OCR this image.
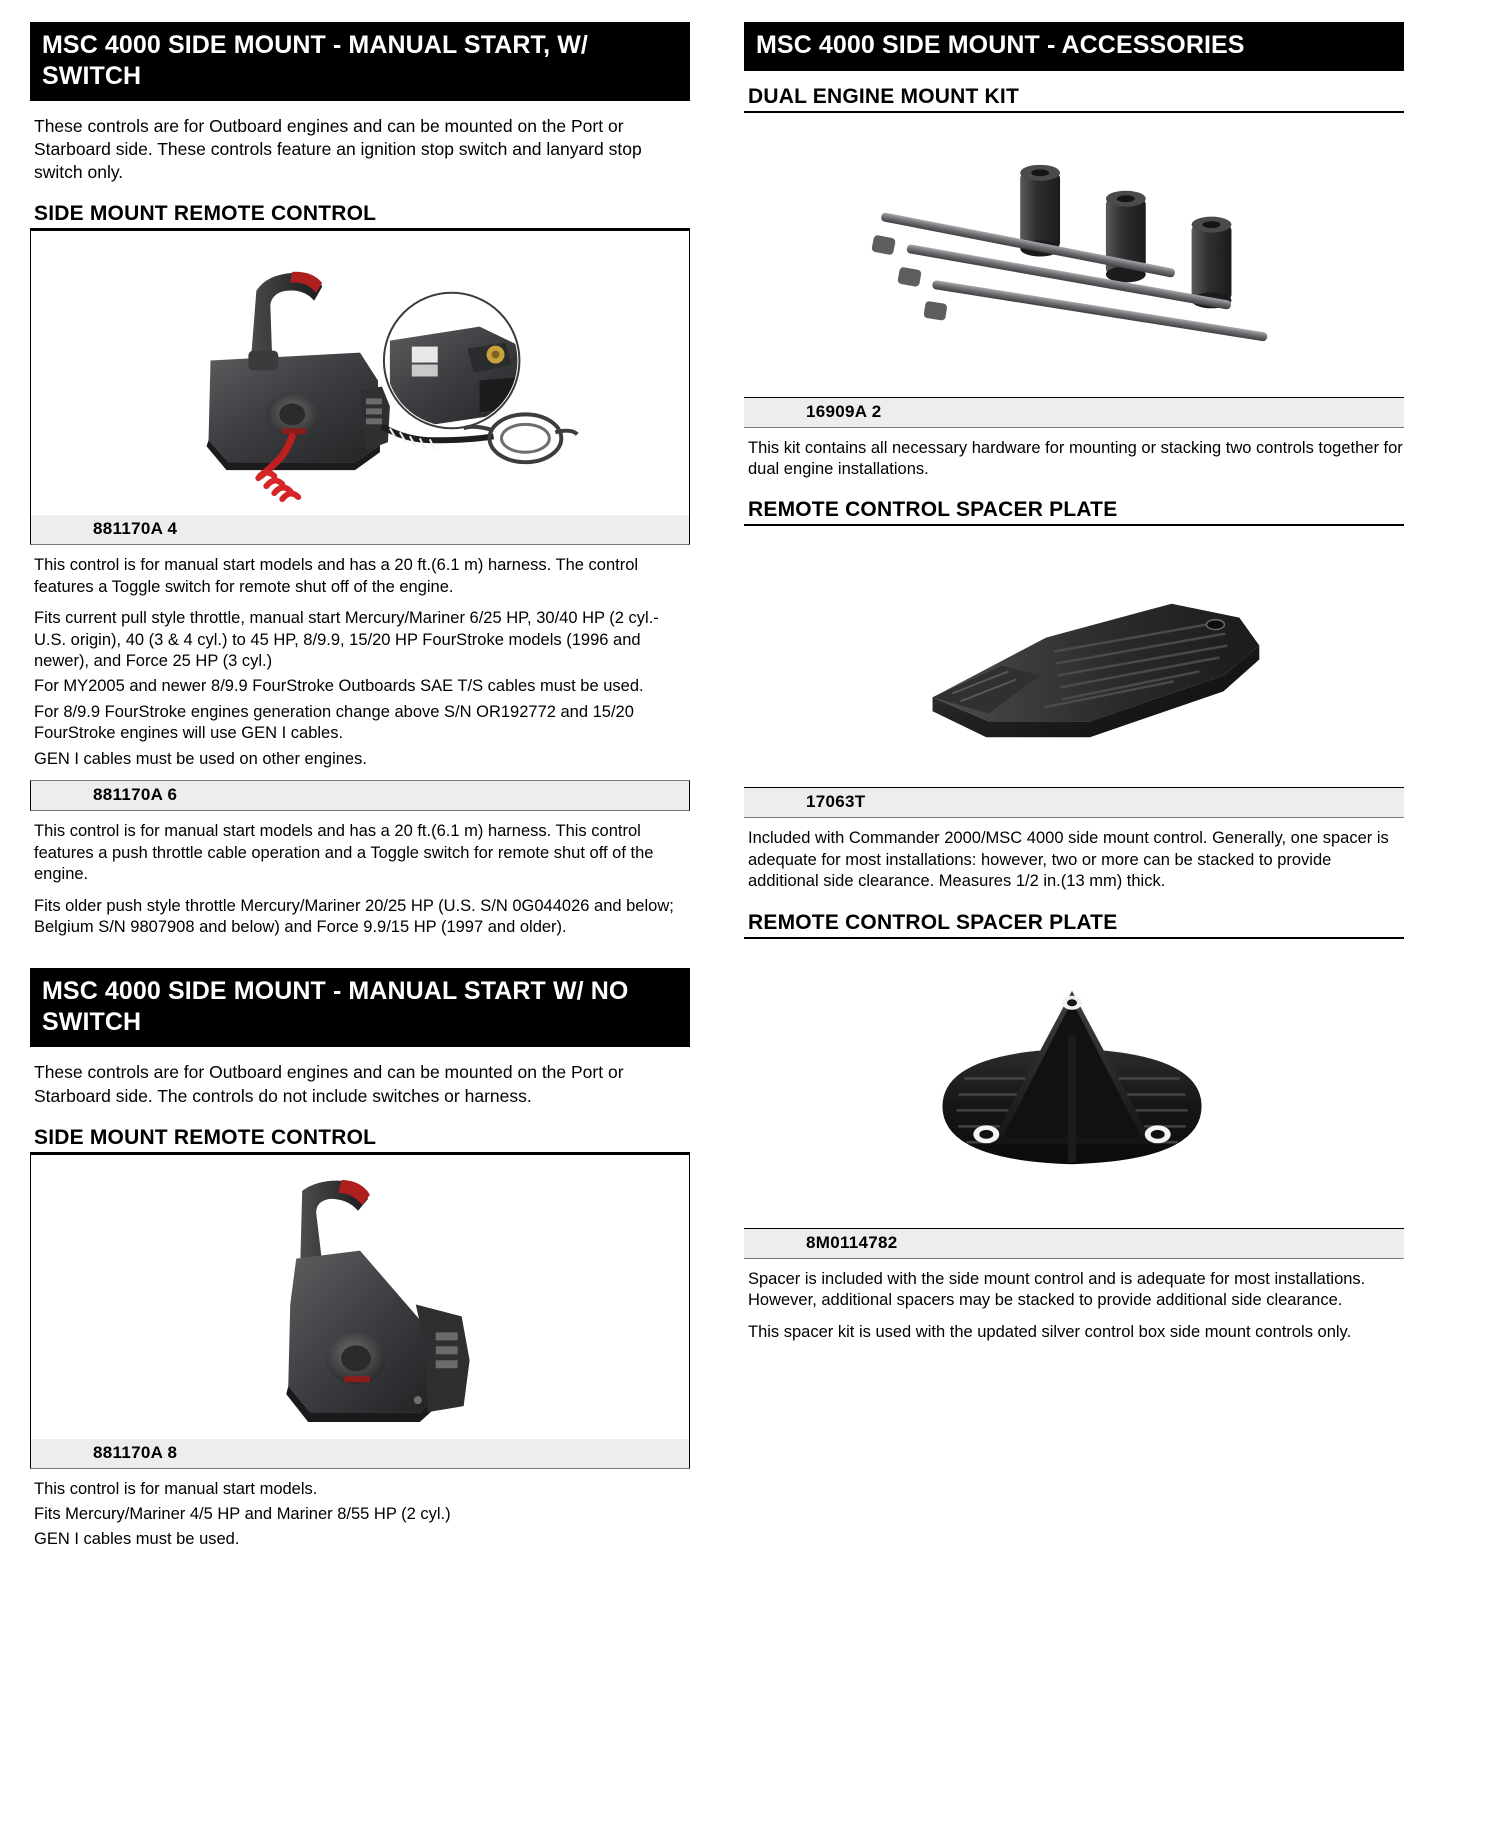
MSC 4000 SIDE MOUNT - MANUAL START, W/ SWITCH

These controls are for Outboard engines and can be mounted on the Port or Starboard side. These controls feature an ignition stop switch and lanyard stop switch only.

SIDE MOUNT REMOTE CONTROL
881170A 4

This control is for manual start models and has a 20 ft.(6.1 m) harness. The control features a Toggle switch for remote shut off of the engine.

Fits current pull style throttle, manual start Mercury/Mariner 6/25 HP, 30/40 HP (2 cyl.- U.S. origin), 40 (3 & 4 cyl.) to 45 HP, 8/9.9, 15/20 HP FourStroke models (1996 and newer), and Force 25 HP (3 cyl.)

For MY2005 and newer 8/9.9 FourStroke Outboards SAE T/S cables must be used.

For 8/9.9 FourStroke engines generation change above S/N OR192772 and 15/20 FourStroke engines will use GEN I cables.

GEN I cables must be used on other engines.

881170A 6

This control is for manual start models and has a 20 ft.(6.1 m) harness. This control features a push throttle cable operation and a Toggle switch for remote shut off of the engine.

Fits older push style throttle Mercury/Mariner 20/25 HP (U.S. S/N 0G044026 and below; Belgium S/N 9807908 and below) and Force 9.9/15 HP (1997 and older).

MSC 4000 SIDE MOUNT - MANUAL START W/ NO SWITCH

These controls are for Outboard engines and can be mounted on the Port or Starboard side. The controls do not include switches or harness.

SIDE MOUNT REMOTE CONTROL
881170A 8

This control is for manual start models.

Fits Mercury/Mariner 4/5 HP and Mariner 8/55 HP (2 cyl.)

GEN I cables must be used.

MSC 4000 SIDE MOUNT - ACCESSORIES
DUAL ENGINE MOUNT KIT
16909A 2

This kit contains all necessary hardware for mounting or stacking two controls together for dual engine installations.

REMOTE CONTROL SPACER PLATE
17063T

Included with Commander 2000/MSC 4000 side mount control. Generally, one spacer is adequate for most installations: however, two or more can be stacked to provide additional side clearance. Measures 1/2 in.(13 mm) thick.

REMOTE CONTROL SPACER PLATE
8M0114782

Spacer is included with the side mount control and is adequate for most installations. However, additional spacers may be stacked to provide additional side clearance.

This spacer kit is used with the updated silver control box side mount controls only.
